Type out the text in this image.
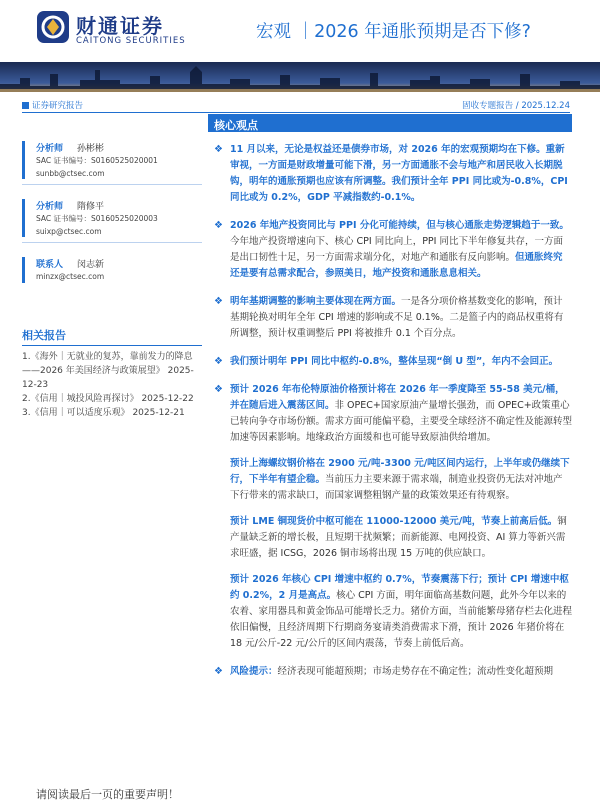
财通证券
CAITONG SECURITIES	宏观 ｜2026 年通胀预期是否下修?
证券研究报告	固收专题报告 / 2025.12.24
分析师 孙彬彬
SAC 证书编号：S0160525020001
sunbb@ctsec.com
分析师 隋修平
SAC 证书编号：S0160525020003
suixp@ctsec.com
联系人 闵志新
minzx@ctsec.com
相关报告
1.《海外｜无就业的复苏，靠前发力的降息——2026 年美国经济与政策展望》 2025-12-23
2.《信用｜城投风险再探讨》 2025-12-22
3.《信用｜可以适度乐观》 2025-12-21
核心观点
❖ 11 月以来，无论是权益还是债券市场，对 2026 年的宏观预期均在下修。重新审视，一方面是财政增量可能下滑，另一方面通胀不会与地产和居民收入长期脱钩，明年的通胀预期也应该有所调整。我们预计全年 PPI 同比或为-0.8%，CPI 同比或为 0.2%，GDP 平减指数约-0.1%。
❖ 2026 年地产投资同比与 PPI 分化可能持续，但与核心通胀走势逻辑趋于一致。今年地产投资增速向下、核心 CPI 同比向上，PPI 同比下半年修复共存，一方面是出口韧性十足，另一方面需求端分化，对地产和通胀有反向影响。但通胀终究还是要有总需求配合，参照美日，地产投资和通胀息息相关。
❖ 明年基期调整的影响主要体现在两方面。一是各分项价格基数变化的影响，预计基期轮换对明年全年 CPI 增速的影响或不足 0.1%。二是篮子内的商品权重将有所调整，预计权重调整后 PPI 将被推升 0.1 个百分点。
❖ 我们预计明年 PPI 同比中枢约-0.8%，整体呈现“倒 U 型”，年内不会回正。
❖ 预计 2026 年布伦特原油价格预计将在 2026 年一季度降至 55-58 美元/桶，并在随后进入震荡区间。非 OPEC+国家原油产量增长强劲，而 OPEC+政策重心已转向争夺市场份额。需求方面可能偏平稳，主要受全球经济不确定性及能源转型加速等因素影响。地缘政治方面缓和也可能导致原油供给增加。
预计上海螺纹钢价格在 2900 元/吨-3300 元/吨区间内运行，上半年或仍继续下行，下半年有望企稳。当前压力主要来源于需求端，制造业投资仍无法对冲地产下行带来的需求缺口，而国家调整粗钢产量的政策效果还有待观察。
预计 LME 铜现货价中枢可能在 11000-12000 美元/吨，节奏上前高后低。铜产量缺乏新的增长极，且短期干扰频繁；而新能源、电网投资、AI 算力等新兴需求旺盛，据 ICSG，2026 铜市场将出现 15 万吨的供应缺口。
预计 2026 年核心 CPI 增速中枢约 0.7%，节奏震荡下行；预计 CPI 增速中枢约 0.2%，2 月是高点。核心 CPI 方面，明年面临高基数问题，此外今年以来的农着、家用器具和黄金饰品可能增长乏力。猪价方面，当前能繁母猪存栏去化进程依旧偏慢，且经济周期下行期商务宴请类消费需求下滑，预计 2026 年猪价将在 18 元/公斤-22 元/公斤的区间内震荡，节奏上前低后高。
❖ 风险提示：经济表现可能超预期；市场走势存在不确定性；流动性变化超预期
请阅读最后一页的重要声明！
